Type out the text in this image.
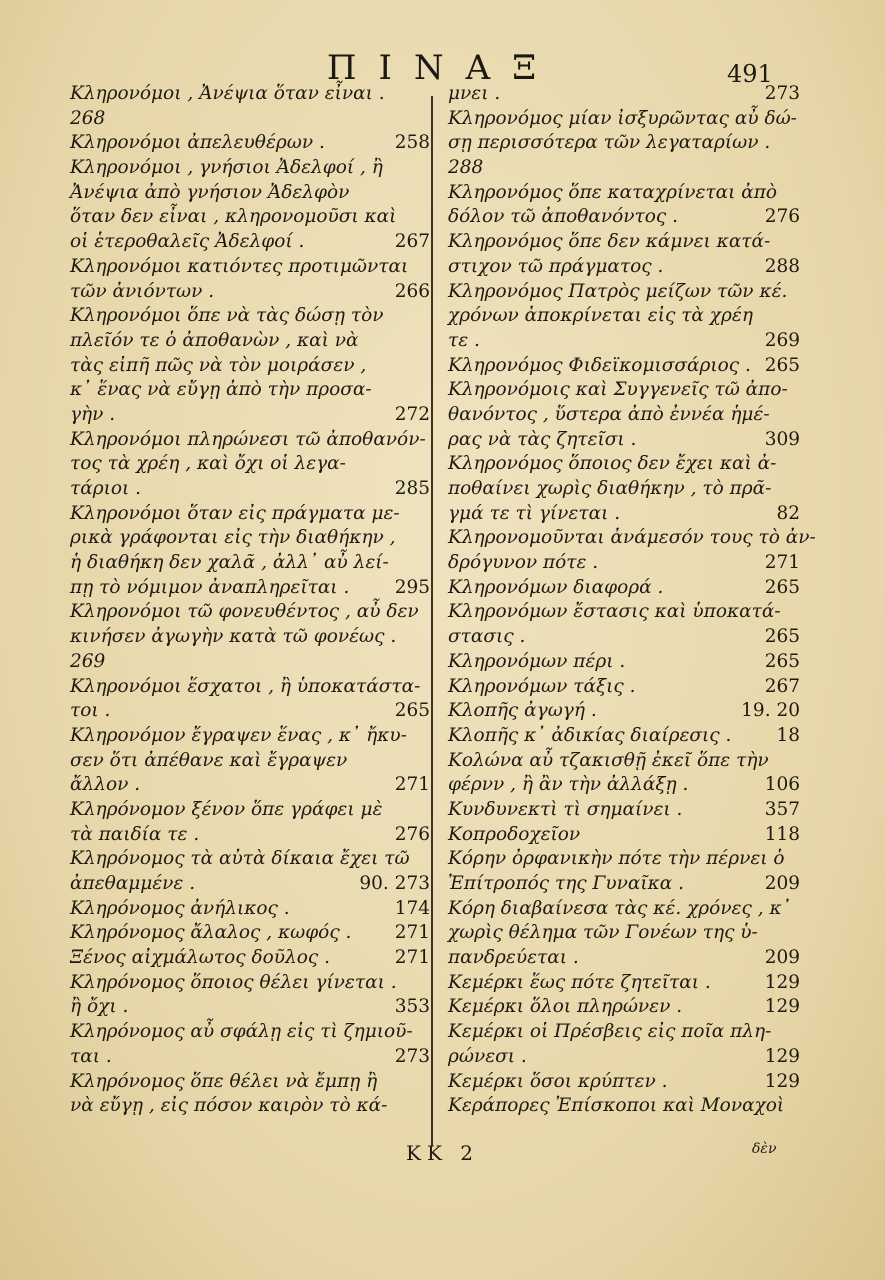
ΠΙΝΑΞ	491
Κληρονόμοι , Ἀνέψια ὅταν εἶναι .
268
Κληρονόμοι ἀπελευθέρων .	258
Κληρονόμοι , γνήσιοι Ἀδελφοί , ἢ
Ἀνέψια ἀπὸ γνήσιον Ἀδελφὸν
ὅταν δεν εἶναι , κληρονομοῦσι καὶ
οἱ ἑτεροθαλεῖς Ἀδελφοί .	267
Κληρονόμοι κατιόντες προτιμῶνται
τῶν ἀνιόντων .	266
Κληρονόμοι ὅπε νὰ τὰς δώσῃ τὸν
πλεῖόν τε ὁ ἀποθανὼν , καὶ νὰ
τὰς εἰπῆ πῶς νὰ τὸν μοιράσεν ,
κ᾽ ἕνας νὰ εὔγῃ ἀπὸ τὴν προσα-
γὴν .	272
Κληρονόμοι πληρώνεσι τῶ ἀποθανόν-
τος τὰ χρέη , καὶ ὄχι οἱ λεγα-
τάριοι .	285
Κληρονόμοι ὅταν εἰς πράγματα με-
ρικὰ γράφονται εἰς τὴν διαθήκην ,
ἡ διαθήκη δεν χαλᾶ , ἀλλ᾽ αὖ λεί-
πῃ τὸ νόμιμον ἀναπληρεῖται . 295
Κληρονόμοι τῶ φονευθέντος , αὖ δεν
κινήσεν ἀγωγὴν κατὰ τῶ φονέως .
269
Κληρονόμοι ἕσχατοι , ἢ ὑποκατάστα-
τοι .	265
Κληρονόμον ἔγραψεν ἕνας , κ᾽ ἤκυ-
σεν ὅτι ἀπέθανε καὶ ἔγραψεν
ἄλλον .	271
Κληρόνομον ξένον ὅπε γράφει μὲ
τὰ παιδία τε .	276
Κληρόνομος τὰ αὐτὰ δίκαια ἔχει τῶ
ἀπεθαμμένε .	90. 273
Κληρόνομος ἀνήλικος .	174
Κληρόνομος ἄλαλος , κωφός . 271
Ξένος αἰχμάλωτος δοῦλος .	271
Κληρόνομος ὅποιος θέλει γίνεται .
ἢ ὄχι .	353
Κληρόνομος αὖ σφάλῃ εἰς τὶ ζημιοῦ-
ται .	273
Κληρόνομος ὅπε θέλει νὰ ἔμπῃ ἢ
νὰ εὔγῃ , εἰς πόσον καιρὸν τὸ κά-
μνει .	273
Κληρονόμος μίαν ἰσξυρῶντας αὖ δώ-
σῃ περισσότερα τῶν λεγαταρίων .
288
Κληρονόμος ὅπε καταχρίνεται ἀπὸ
δόλον τῶ ἀποθανόντος .	276
Κληρονόμος ὅπε δεν κάμνει κατά-
στιχον τῶ πράγματος .	288
Κληρονόμος Πατρὸς μείζων τῶν κέ.
χρόνων ἀποκρίνεται εἰς τὰ χρέη
τε .	269
Κληρονόμος Φιδεϊκομισσάριος . 265
Κληρονόμοις καὶ Συγγενεῖς τῶ ἀπο-
θανόντος , ὕστερα ἀπὸ ἐννέα ἡμέ-
ρας νὰ τὰς ζητεῖσι .	309
Κληρονόμος ὅποιος δεν ἔχει καὶ ἀ-
ποθαίνει χωρὶς διαθήκην , τὸ πρᾶ-
γμά τε τὶ γίνεται .	82
Κληρονομοῦνται ἀνάμεσόν τους τὸ ἀν-
δρόγυνον πότε .	271
Κληρονόμων διαφορά .	265
Κληρονόμων ἔστασις καὶ ὑποκατά-
στασις .	265
Κληρονόμων πέρι .	265
Κληρονόμων τάξις .	267
Κλοπῆς ἀγωγή .	19. 20
Κλοπῆς κ᾽ ἀδικίας διαίρεσις . 18
Κολώνα αὖ τζακισθῇ ἐκεῖ ὅπε τὴν
φέρνν , ἢ ἂν τὴν ἀλλάξῃ .	106
Κυνδυνεκτὶ τὶ σημαίνει .	357
Κοπροδοχεῖον	118
Κόρην ὀρφανικὴν πότε τὴν πέρνει ὁ
Ἐπίτροπός της Γυναῖκα .	209
Κόρη διαβαίνεσα τὰς κέ. χρόνες , κ᾽
χωρὶς θέλημα τῶν Γονέων της ὑ-
πανδρεύεται .	209
Κεμέρκι ἕως πότε ζητεῖται .	129
Κεμέρκι ὅλοι πληρώνεν .	129
Κεμέρκι οἱ Πρέσβεις εἰς ποῖα πλη-
ρώνεσι .	129
Κεμέρκι ὅσοι κρύπτεν .	129
Κεράπορες Ἐπίσκοποι καὶ Μοναχοὶ
ΚΚ 2	δὲν
